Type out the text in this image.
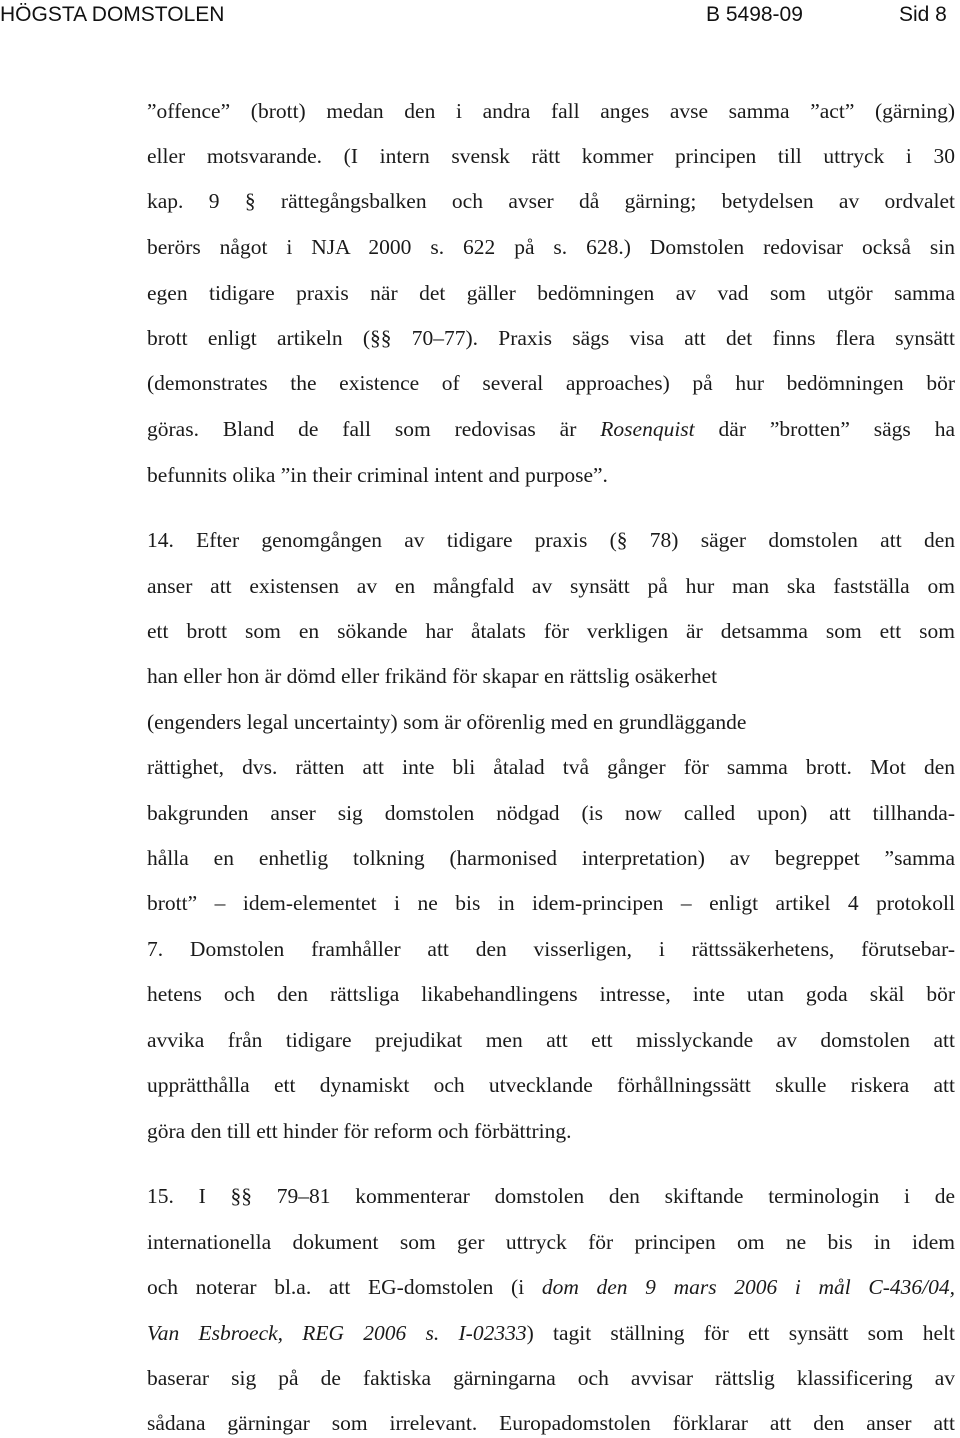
HÖGSTA DOMSTOLEN	B 5498-09	Sid 8
”offence” (brott) medan den i andra fall anges avse samma ”act” (gärning)
eller motsvarande. (I intern svensk rätt kommer principen till uttryck i 30
kap. 9 § rättegångsbalken och avser då gärning; betydelsen av ordvalet
berörs något i NJA 2000 s. 622 på s. 628.) Domstolen redovisar också sin
egen tidigare praxis när det gäller bedömningen av vad som utgör samma
brott enligt artikeln (§§ 70–77). Praxis sägs visa att det finns flera synsätt
(demonstrates the existence of several approaches) på hur bedömningen bör
göras. Bland de fall som redovisas är Rosenquist där ”brotten” sägs ha
befunnits olika ”in their criminal intent and purpose”.
14. Efter genomgången av tidigare praxis (§ 78) säger domstolen att den
anser att existensen av en mångfald av synsätt på hur man ska fastställa om
ett brott som en sökande har åtalats för verkligen är detsamma som ett som
han eller hon är dömd eller frikänd för skapar en rättslig osäkerhet
(engenders legal uncertainty) som är oförenlig med en grundläggande
rättighet, dvs. rätten att inte bli åtalad två gånger för samma brott. Mot den
bakgrunden anser sig domstolen nödgad (is now called upon) att tillhanda-
hålla en enhetlig tolkning (harmonised interpretation) av begreppet ”samma
brott” – idem-elementet i ne bis in idem-principen – enligt artikel 4 protokoll
7. Domstolen framhåller att den visserligen, i rättssäkerhetens, förutsebar-
hetens och den rättsliga likabehandlingens intresse, inte utan goda skäl bör
avvika från tidigare prejudikat men att ett misslyckande av domstolen att
upprätthålla ett dynamiskt och utvecklande förhållningssätt skulle riskera att
göra den till ett hinder för reform och förbättring.
15. I §§ 79–81 kommenterar domstolen den skiftande terminologin i de
internationella dokument som ger uttryck för principen om ne bis in idem
och noterar bl.a. att EG-domstolen (i dom den 9 mars 2006 i mål C-436/04,
Van Esbroeck, REG 2006 s. I-02333) tagit ställning för ett synsätt som helt
baserar sig på de faktiska gärningarna och avvisar rättslig klassificering av
sådana gärningar som irrelevant. Europadomstolen förklarar att den anser att
